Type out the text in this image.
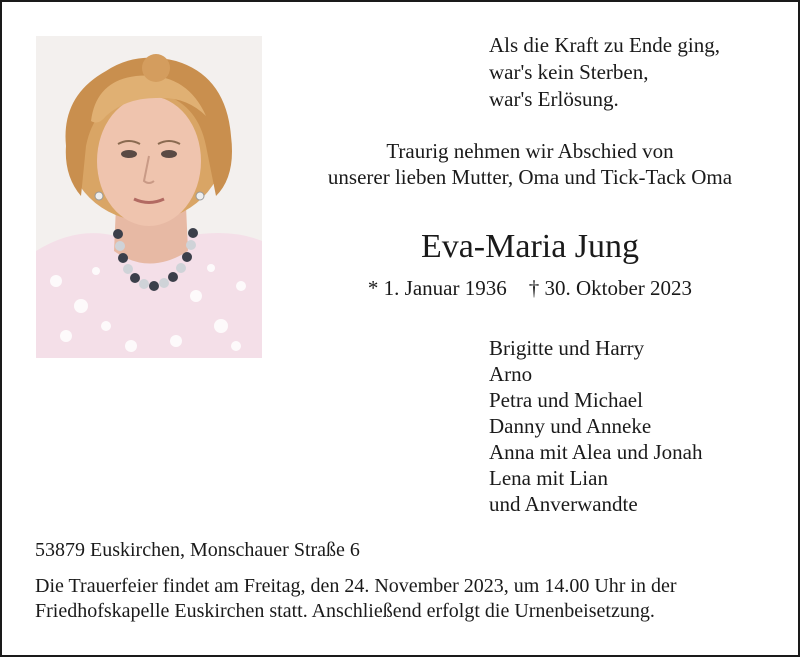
Als die Kraft zu Ende ging,
war's kein Sterben,
war's Erlösung.
Traurig nehmen wir Abschied von
unserer lieben Mutter, Oma und Tick-Tack Oma
Eva-Maria Jung
* 1. Januar 1936 † 30. Oktober 2023
Brigitte und Harry
Arno
Petra und Michael
Danny und Anneke
Anna mit Alea und Jonah
Lena mit Lian
und Anverwandte
53879 Euskirchen, Monschauer Straße 6
Die Trauerfeier findet am Freitag, den 24. November 2023, um 14.00 Uhr in der
Friedhofskapelle Euskirchen statt. Anschließend erfolgt die Urnenbeisetzung.
